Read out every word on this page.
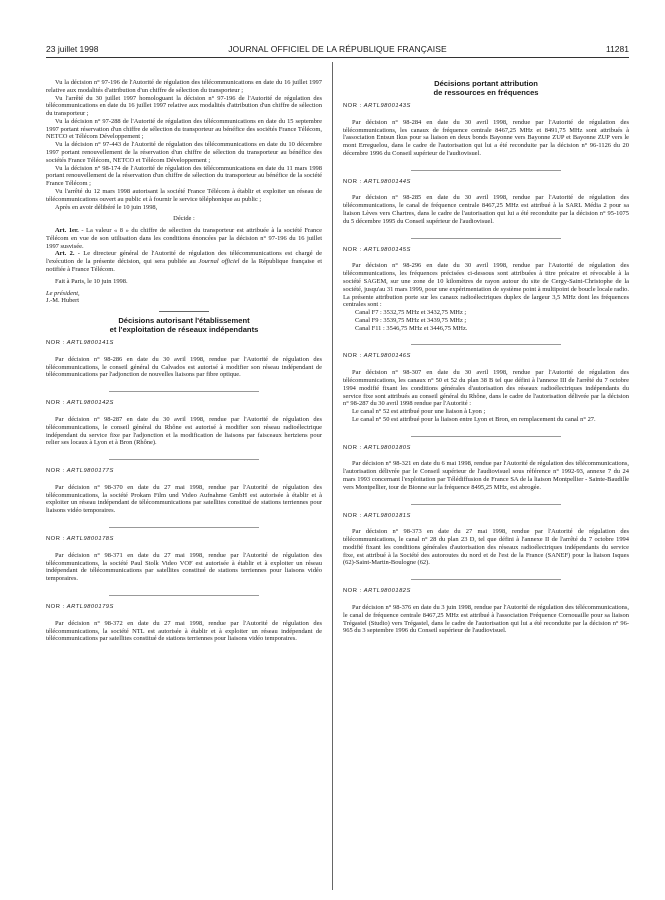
23 juillet 1998	JOURNAL OFFICIEL DE LA RÉPUBLIQUE FRANÇAISE	11281

Vu la décision n° 97-196 de l'Autorité de régulation des télécommunications en date du 16 juillet 1997 relative aux modalités d'attribution d'un chiffre de sélection du transporteur ;

Vu l'arrêté du 30 juillet 1997 homologuant la décision n° 97-196 de l'Autorité de régulation des télécommunications en date du 16 juillet 1997 relative aux modalités d'attribution d'un chiffre de sélection du transporteur ;

Vu la décision n° 97-288 de l'Autorité de régulation des télécommunications en date du 15 septembre 1997 portant réservation d'un chiffre de sélection du transporteur au bénéfice des sociétés France Télécom, NETCO et Télécom Développement ;

Vu la décision n° 97-443 de l'Autorité de régulation des télécommunications en date du 10 décembre 1997 portant renouvellement de la réservation d'un chiffre de sélection du transporteur au bénéfice des sociétés France Télécom, NETCO et Télécom Développement ;

Vu la décision n° 98-174 de l'Autorité de régulation des télécommunications en date du 11 mars 1998 portant renouvellement de la réservation d'un chiffre de sélection du transporteur au bénéfice de la société France Télécom ;

Vu l'arrêté du 12 mars 1998 autorisant la société France Télécom à établir et exploiter un réseau de télécommunications ouvert au public et à fournir le service téléphonique au public ;

Après en avoir délibéré le 10 juin 1998,

Décide :

Art. 1er. - La valeur « 8 » du chiffre de sélection du transporteur est attribuée à la société France Télécom en vue de son utilisation dans les conditions énoncées par la décision n° 97-196 du 16 juillet 1997 susvisée.

Art. 2. - Le directeur général de l'Autorité de régulation des télécommunications est chargé de l'exécution de la présente décision, qui sera publiée au Journal officiel de la République française et notifiée à France Télécom.

Fait à Paris, le 10 juin 1998.

Le président,

J.-M. Hubert

Décisions autorisant l'établissement
et l'exploitation de réseaux indépendants

NOR : ARTL9800141S

Par décision n° 98-286 en date du 30 avril 1998, rendue par l'Autorité de régulation des télécommunications, le conseil général du Calvados est autorisé à modifier son réseau indépendant de télécommunications par l'adjonction de nouvelles liaisons par fibre optique.

NOR : ARTL9800142S

Par décision n° 98-287 en date du 30 avril 1998, rendue par l'Autorité de régulation des télécommunications, le conseil général du Rhône est autorisé à modifier son réseau radioélectrique indépendant du service fixe par l'adjonction et la modification de liaisons par faisceaux hertziens pour relier ses locaux à Lyon et à Bron (Rhône).

NOR : ARTL9800177S

Par décision n° 98-370 en date du 27 mai 1998, rendue par l'Autorité de régulation des télécommunications, la société Prokam Film und Video Aufnahme GmbH est autorisée à établir et à exploiter un réseau indépendant de télécommunications par satellites constitué de stations terriennes pour liaisons vidéo temporaires.

NOR : ARTL9800178S

Par décision n° 98-371 en date du 27 mai 1998, rendue par l'Autorité de régulation des télécommunications, la société Paul Stolk Video VOF est autorisée à établir et à exploiter un réseau indépendant de télécommunications par satellites constitué de stations terriennes pour liaisons vidéo temporaires.

NOR : ARTL9800179S

Par décision n° 98-372 en date du 27 mai 1998, rendue par l'Autorité de régulation des télécommunications, la société NTL est autorisée à établir et à exploiter un réseau indépendant de télécommunications par satellites constitué de stations terriennes pour liaisons vidéo temporaires.

Décisions portant attribution
de ressources en fréquences

NOR : ARTL9800143S

Par décision n° 98-284 en date du 30 avril 1998, rendue par l'Autorité de régulation des télécommunications, les canaux de fréquence centrale 8467,25 MHz et 8491,75 MHz sont attribués à l'association Entsun Ikus pour sa liaison en deux bonds Bayonne vers Bayonne ZUP et Bayonne ZUP vers le mont Erreguelou, dans le cadre de l'autorisation qui lui a été reconduite par la décision n° 96-1126 du 20 décembre 1996 du Conseil supérieur de l'audiovisuel.

NOR : ARTL9800144S

Par décision n° 98-285 en date du 30 avril 1998, rendue par l'Autorité de régulation des télécommunications, le canal de fréquence centrale 8467,25 MHz est attribué à la SARL Média 2 pour sa liaison Lèves vers Chartres, dans le cadre de l'autorisation qui lui a été reconduite par la décision n° 95-1075 du 5 décembre 1995 du Conseil supérieur de l'audiovisuel.

NOR : ARTL9800145S

Par décision n° 98-296 en date du 30 avril 1998, rendue par l'Autorité de régulation des télécommunications, les fréquences précisées ci-dessous sont attribuées à titre précaire et révocable à la société SAGEM, sur une zone de 10 kilomètres de rayon autour du site de Cergy-Saint-Christophe de la société, jusqu'au 31 mars 1999, pour une expérimentation de système point à multipoint de boucle locale radio. La présente attribution porte sur les canaux radioélectriques duplex de largeur 3,5 MHz dont les fréquences centrales sont :

Canal F7 : 3532,75 MHz et 3432,75 MHz ;

Canal F9 : 3539,75 MHz et 3439,75 MHz ;

Canal F11 : 3546,75 MHz et 3446,75 MHz.

NOR : ARTL9800146S

Par décision n° 98-307 en date du 30 avril 1998, rendue par l'Autorité de régulation des télécommunications, les canaux n° 50 et 52 du plan 38 B tel que défini à l'annexe III de l'arrêté du 7 octobre 1994 modifié fixant les conditions générales d'autorisation des réseaux radioélectriques indépendants du service fixe sont attribués au conseil général du Rhône, dans le cadre de l'autorisation délivrée par la décision n° 98-287 du 30 avril 1998 rendue par l'Autorité :

Le canal n° 52 est attribué pour une liaison à Lyon ;

Le canal n° 50 est attribué pour la liaison entre Lyon et Bron, en remplacement du canal n° 27.

NOR : ARTL9800180S

Par décision n° 98-321 en date du 6 mai 1998, rendue par l'Autorité de régulation des télécommunications, l'autorisation délivrée par le Conseil supérieur de l'audiovisuel sous référence n° 1992-93, annexe 7 du 24 mars 1993 concernant l'exploitation par Télédiffusion de France SA de la liaison Montpellier - Sainte-Baudille vers Montpellier, tour de Bionne sur la fréquence 8495,25 MHz, est abrogée.

NOR : ARTL9800181S

Par décision n° 98-373 en date du 27 mai 1998, rendue par l'Autorité de régulation des télécommunications, le canal n° 28 du plan 23 D, tel que défini à l'annexe II de l'arrêté du 7 octobre 1994 modifié fixant les conditions générales d'autorisation des réseaux radioélectriques indépendants du service fixe, est attribué à la Société des autoroutes du nord et de l'est de la France (SANEF) pour la liaison Isques (62)-Saint-Martin-Boulogne (62).

NOR : ARTL9800182S

Par décision n° 98-376 en date du 3 juin 1998, rendue par l'Autorité de régulation des télécommunications, le canal de fréquence centrale 8467,25 MHz est attribué à l'association Fréquence Cornouaille pour sa liaison Trégastel (Studio) vers Trégastel, dans le cadre de l'autorisation qui lui a été reconduite par la décision n° 96-965 du 3 septembre 1996 du Conseil supérieur de l'audiovisuel.
